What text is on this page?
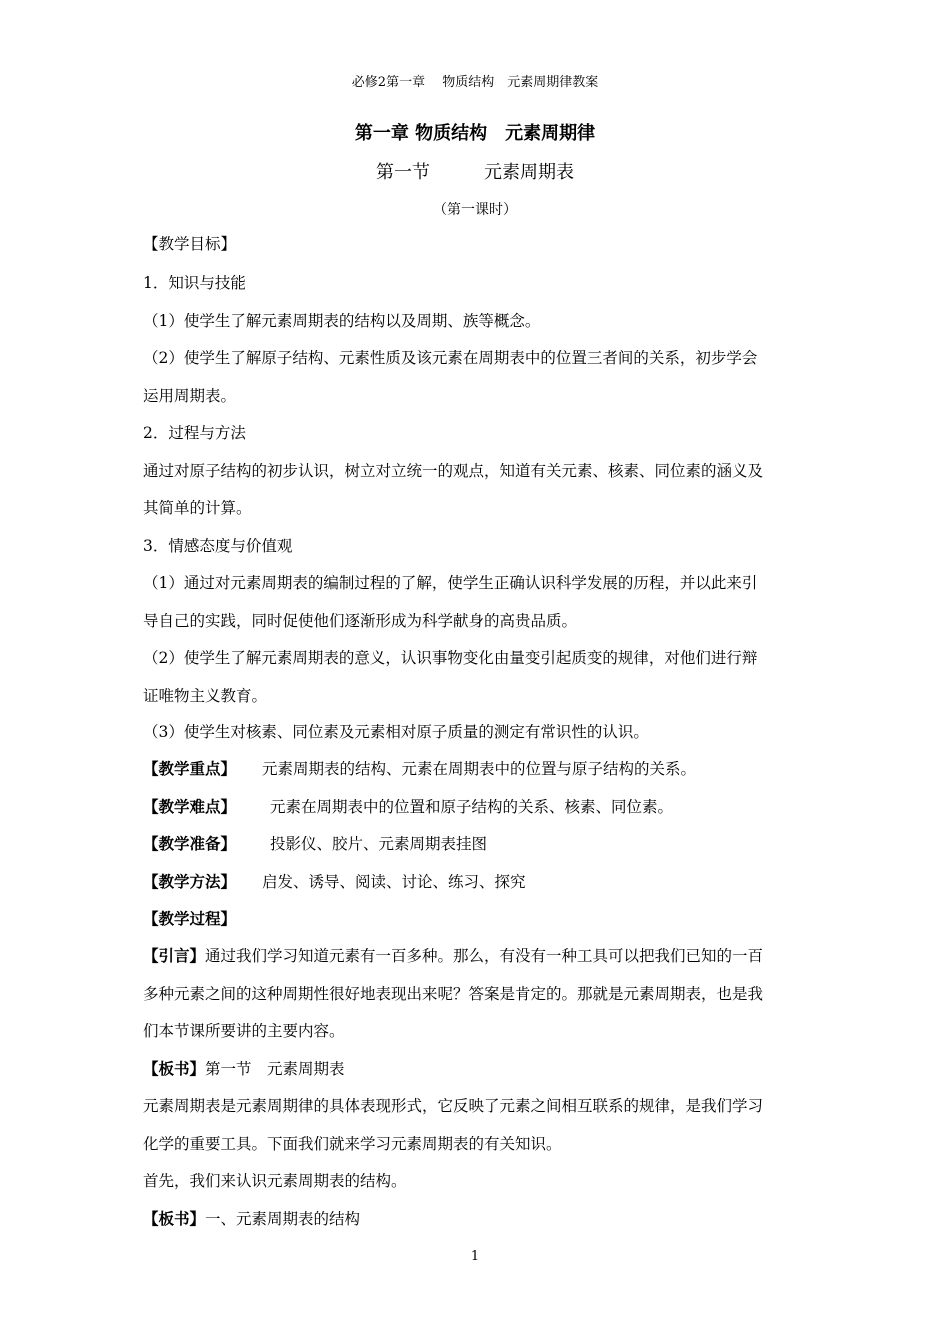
必修2第一章　 物质结构　元素周期律教案
第一章 物质结构　元素周期律
第一节　　　元素周期表
（第一课时）
【教学目标】
1．知识与技能
（1）使学生了解元素周期表的结构以及周期、族等概念。
（2）使学生了解原子结构、元素性质及该元素在周期表中的位置三者间的关系，初步学会
运用周期表。
2．过程与方法
通过对原子结构的初步认识，树立对立统一的观点，知道有关元素、核素、同位素的涵义及
其简单的计算。
3．情感态度与价值观
（1）通过对元素周期表的编制过程的了解，使学生正确认识科学发展的历程，并以此来引
导自己的实践，同时促使他们逐渐形成为科学献身的高贵品质。
（2）使学生了解元素周期表的意义，认识事物变化由量变引起质变的规律，对他们进行辩
证唯物主义教育。
（3）使学生对核素、同位素及元素相对原子质量的测定有常识性的认识。
【教学重点】 元素周期表的结构、元素在周期表中的位置与原子结构的关系。
【教学难点】 元素在周期表中的位置和原子结构的关系、核素、同位素。
【教学准备】 投影仪、胶片、元素周期表挂图
【教学方法】 启发、诱导、阅读、讨论、练习、探究
【教学过程】
【引言】通过我们学习知道元素有一百多种。那么，有没有一种工具可以把我们已知的一百
多种元素之间的这种周期性很好地表现出来呢？答案是肯定的。那就是元素周期表，也是我
们本节课所要讲的主要内容。
【板书】第一节　元素周期表
元素周期表是元素周期律的具体表现形式，它反映了元素之间相互联系的规律，是我们学习
化学的重要工具。下面我们就来学习元素周期表的有关知识。
首先，我们来认识元素周期表的结构。
【板书】一、元素周期表的结构
1
